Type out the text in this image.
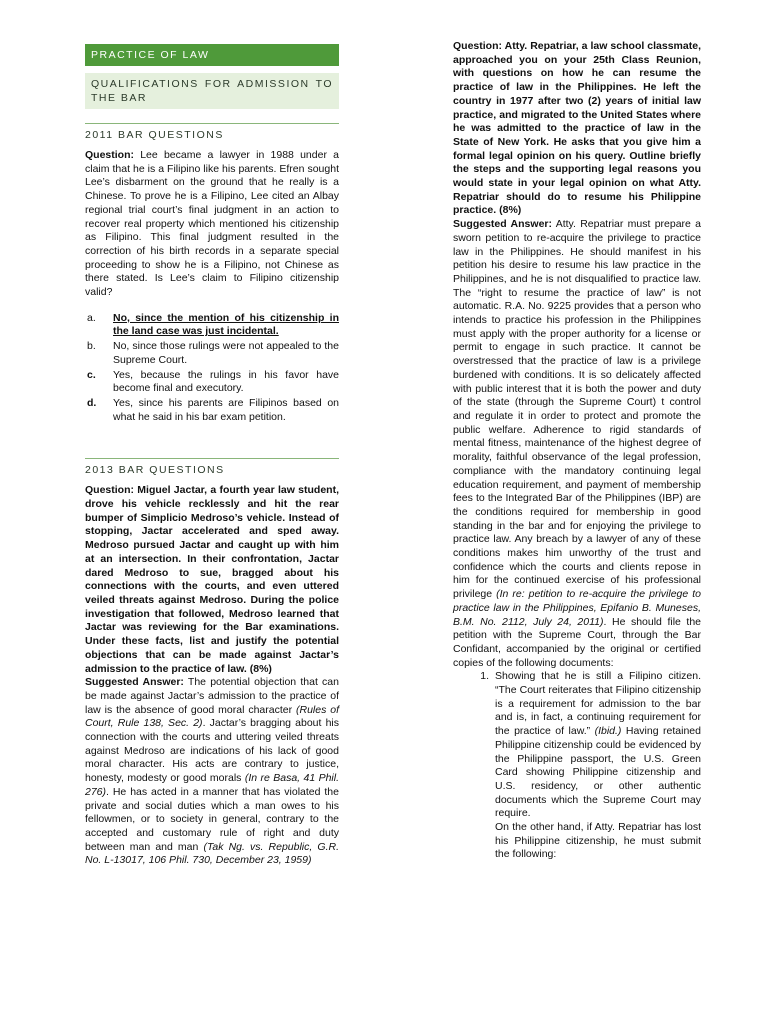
PRACTICE OF LAW
QUALIFICATIONS FOR ADMISSION TO THE BAR
2011 BAR QUESTIONS

Question: Lee became a lawyer in 1988 under a claim that he is a Filipino like his parents. Efren sought Lee’s disbarment on the ground that he really is a Chinese. To prove he is a Filipino, Lee cited an Albay regional trial court’s final judgment in an action to recover real property which mentioned his citizenship as Filipino. This final judgment resulted in the correction of his birth records in a separate special proceeding to show he is a Filipino, not Chinese as there stated. Is Lee’s claim to Filipino citizenship valid?

a.	No, since the mention of his citizenship in the land case was just incidental.
b.	No, since those rulings were not appealed to the Supreme Court.
c.	Yes, because the rulings in his favor have become final and executory.
d.	Yes, since his parents are Filipinos based on what he said in his bar exam petition.
2013 BAR QUESTIONS

Question: Miguel Jactar, a fourth year law student, drove his vehicle recklessly and hit the rear bumper of Simplicio Medroso’s vehicle. Instead of stopping, Jactar accelerated and sped away. Medroso pursued Jactar and caught up with him at an intersection. In their confrontation, Jactar dared Medroso to sue, bragged about his connections with the courts, and even uttered veiled threats against Medroso. During the police investigation that followed, Medroso learned that Jactar was reviewing for the Bar examinations. Under these facts, list and justify the potential objections that can be made against Jactar’s admission to the practice of law. (8%)

Suggested Answer: The potential objection that can be made against Jactar’s admission to the practice of law is the absence of good moral character (Rules of Court, Rule 138, Sec. 2). Jactar’s bragging about his connection with the courts and uttering veiled threats against Medroso are indications of his lack of good moral character. His acts are contrary to justice, honesty, modesty or good morals (In re Basa, 41 Phil. 276). He has acted in a manner that has violated the private and social duties which a man owes to his fellowmen, or to society in general, contrary to the accepted and customary rule of right and duty between man and man (Tak Ng. vs. Republic, G.R. No. L-13017, 106 Phil. 730, December 23, 1959)

Question: Atty. Repatriar, a law school classmate, approached you on your 25th Class Reunion, with questions on how he can resume the practice of law in the Philippines. He left the country in 1977 after two (2) years of initial law practice, and migrated to the United States where he was admitted to the practice of law in the State of New York. He asks that you give him a formal legal opinion on his query. Outline briefly the steps and the supporting legal reasons you would state in your legal opinion on what Atty. Repatriar should do to resume his Philippine practice. (8%)

Suggested Answer: Atty. Repatriar must prepare a sworn petition to re-acquire the privilege to practice law in the Philippines. He should manifest in his petition his desire to resume his law practice in the Philippines, and he is not disqualified to practice law. The “right to resume the practice of law” is not automatic. R.A. No. 9225 provides that a person who intends to practice his profession in the Philippines must apply with the proper authority for a license or permit to engage in such practice. It cannot be overstressed that the practice of law is a privilege burdened with conditions. It is so delicately affected with public interest that it is both the power and duty of the state (through the Supreme Court) t control and regulate it in order to protect and promote the public welfare. Adherence to rigid standards of mental fitness, maintenance of the highest degree of morality, faithful observance of the legal profession, compliance with the mandatory continuing legal education requirement, and payment of membership fees to the Integrated Bar of the Philippines (IBP) are the conditions required for membership in good standing in the bar and for enjoying the privilege to practice law. Any breach by a lawyer of any of these conditions makes him unworthy of the trust and confidence which the courts and clients repose in him for the continued exercise of his professional privilege (In re: petition to re-acquire the privilege to practice law in the Philippines, Epifanio B. Muneses, B.M. No. 2112, July 24, 2011). He should file the petition with the Supreme Court, through the Bar Confidant, accompanied by the original or certified copies of the following documents:

1. Showing that he is still a Filipino citizen. “The Court reiterates that Filipino citizenship is a requirement for admission to the bar and is, in fact, a continuing requirement for the practice of law.” (Ibid.) Having retained Philippine citizenship could be evidenced by the Philippine passport, the U.S. Green Card showing Philippine citizenship and U.S. residency, or other authentic documents which the Supreme Court may require.
On the other hand, if Atty. Repatriar has lost his Philippine citizenship, he must submit the following:
